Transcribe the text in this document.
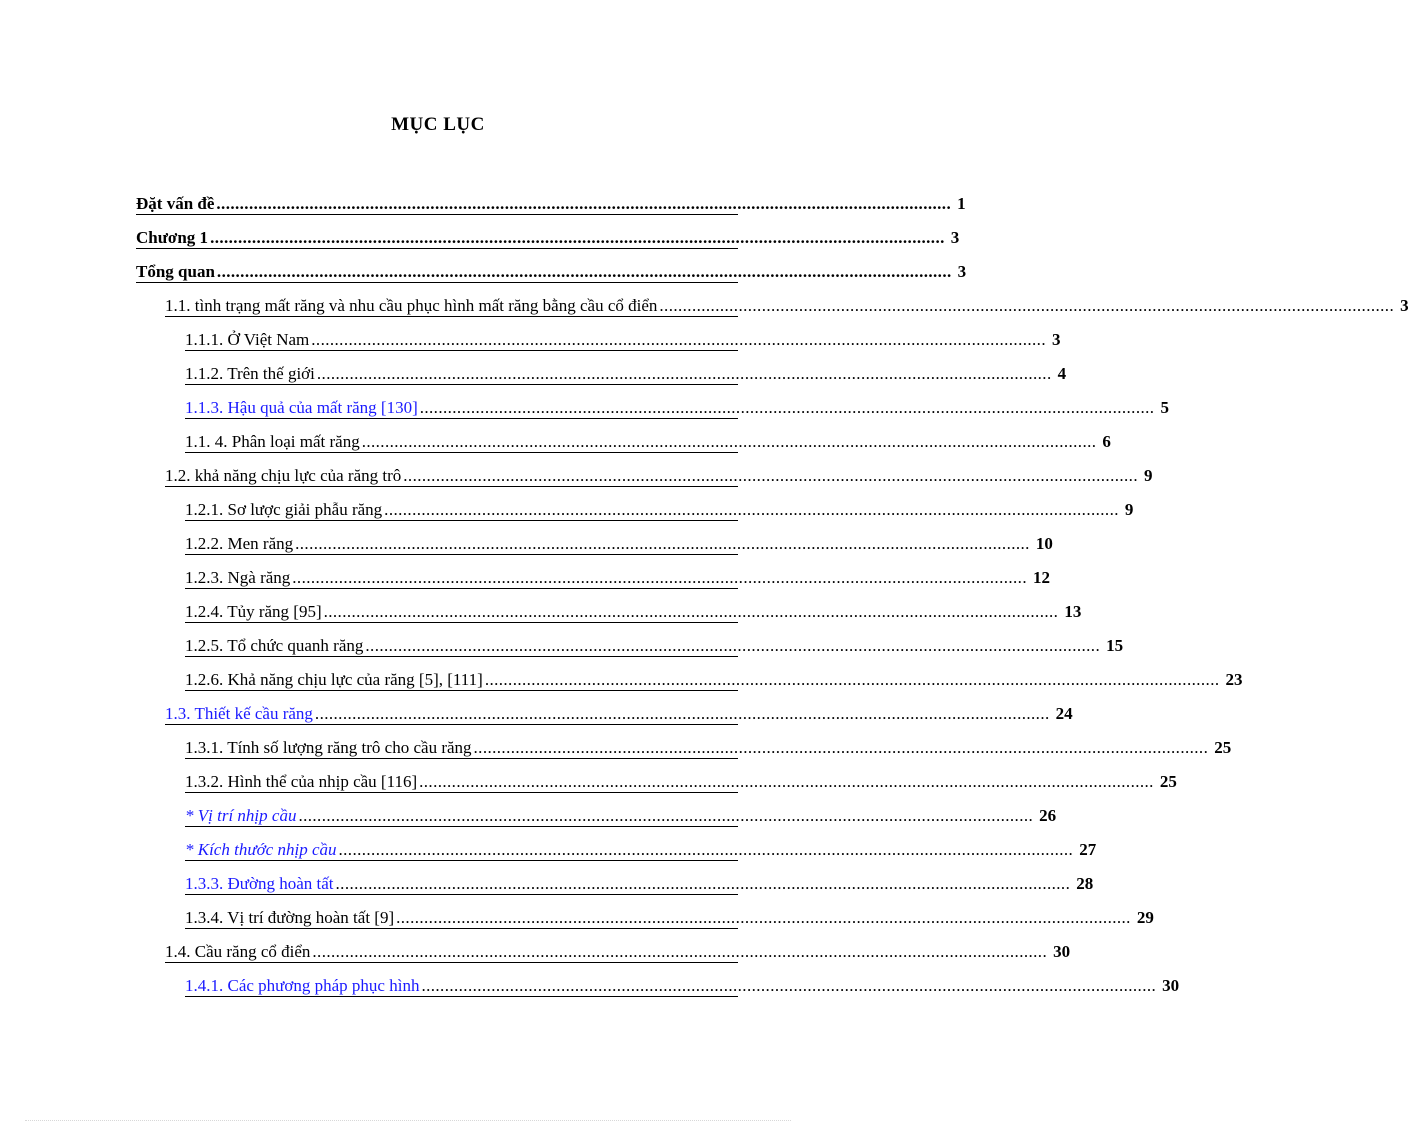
MỤC LỤC
Đặt vấn đề .............................................................................................................................................................. 1
Chương 1 .............................................................................................................................................................. 3
Tổng quan .............................................................................................................................................................. 3
1.1. tình trạng mất răng và nhu cầu phục hình mất răng bằng cầu cổ điển .............................................................................................................................................................. 3
1.1.1. Ở Việt Nam .............................................................................................................................................................. 3
1.1.2. Trên thế giới .............................................................................................................................................................. 4
1.1.3. Hậu quả của mất răng [130] .............................................................................................................................................................. 5
1.1. 4. Phân loại mất răng .............................................................................................................................................................. 6
1.2. khả năng chịu lực của răng trô .............................................................................................................................................................. 9
1.2.1. Sơ lược giải phẫu răng .............................................................................................................................................................. 9
1.2.2. Men răng .............................................................................................................................................................. 10
1.2.3. Ngà răng .............................................................................................................................................................. 12
1.2.4. Tủy răng [95] .............................................................................................................................................................. 13
1.2.5. Tổ chức quanh răng .............................................................................................................................................................. 15
1.2.6. Khả năng chịu lực của răng [5], [111] .............................................................................................................................................................. 23
1.3. Thiết kế cầu răng .............................................................................................................................................................. 24
1.3.1. Tính số lượng răng trô cho cầu răng .............................................................................................................................................................. 25
1.3.2. Hình thể của nhịp cầu [116] .............................................................................................................................................................. 25
* Vị trí nhịp cầu .............................................................................................................................................................. 26
* Kích thước nhịp cầu .............................................................................................................................................................. 27
1.3.3. Đường hoàn tất .............................................................................................................................................................. 28
1.3.4. Vị trí đường hoàn tất [9] .............................................................................................................................................................. 29
1.4. Cầu răng cổ điển .............................................................................................................................................................. 30
1.4.1. Các phương pháp phục hình .............................................................................................................................................................. 30
